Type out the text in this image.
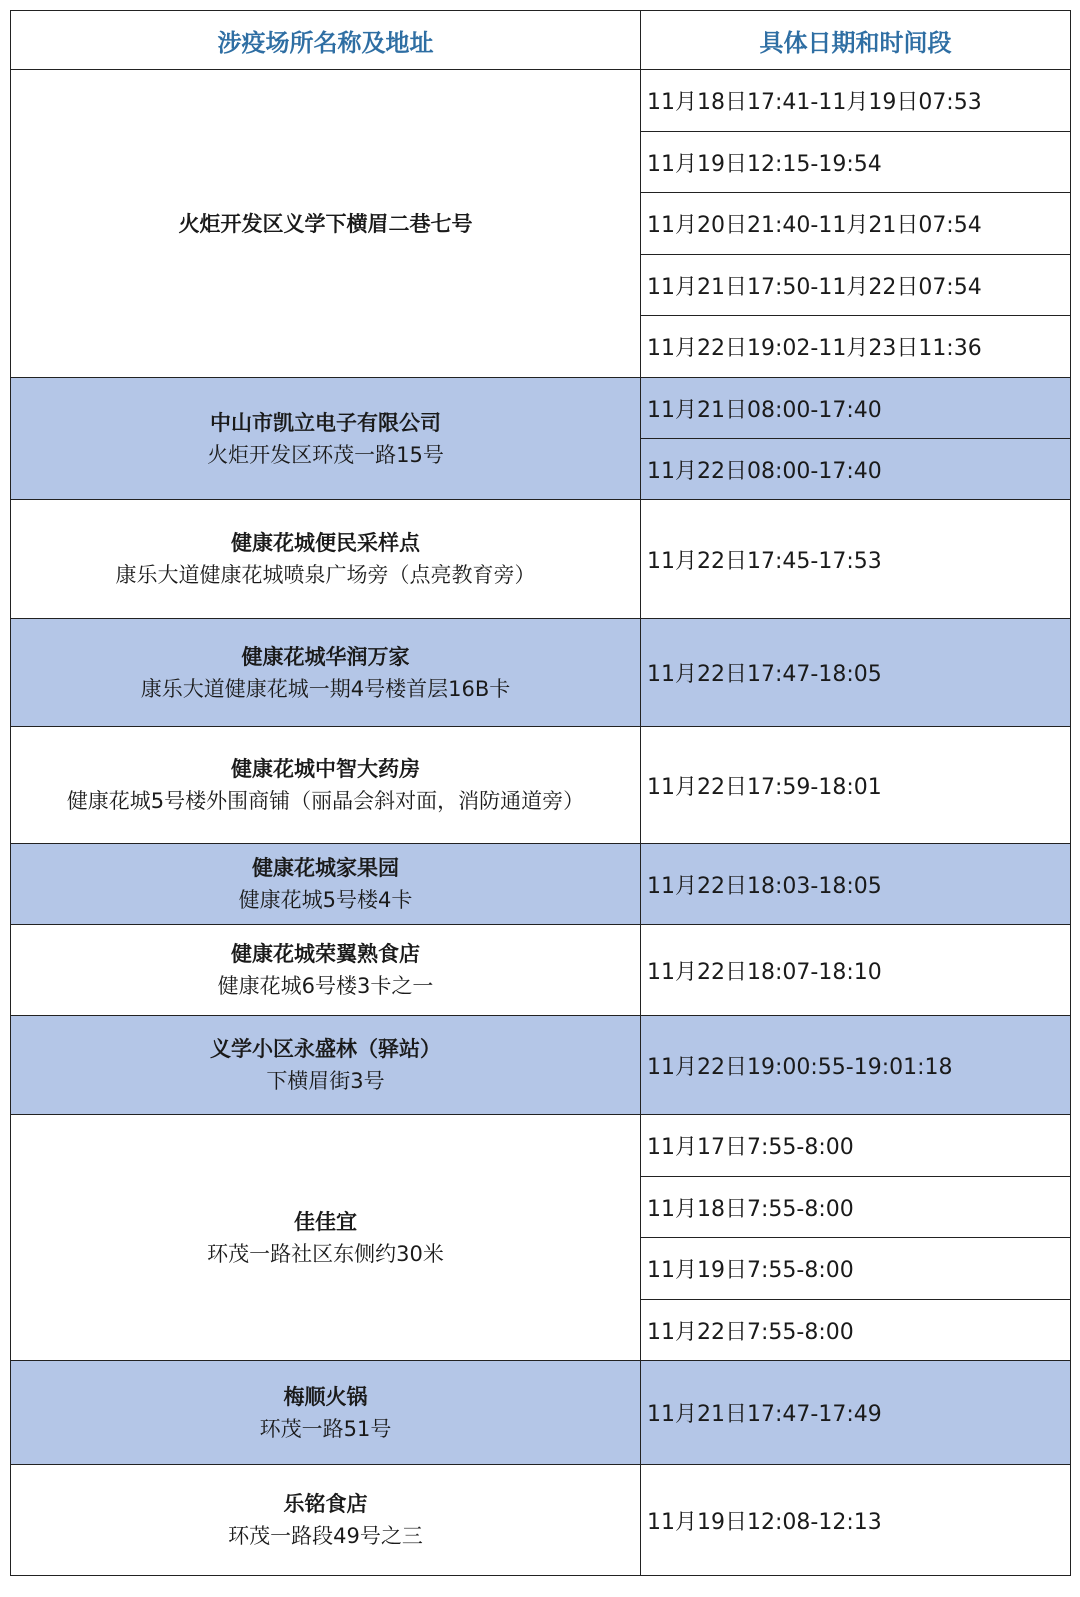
涉疫场所名称及地址	具体日期和时间段

火炬开发区义学下横眉二巷七号	11月18日17:41-11月19日07:53
	11月19日12:15-19:54
	11月20日21:40-11月21日07:54
	11月21日17:50-11月22日07:54
	11月22日19:02-11月23日11:36

中山市凯立电子有限公司
火炬开发区环茂一路15号	11月21日08:00-17:40
	11月22日08:00-17:40

健康花城便民采样点
康乐大道健康花城喷泉广场旁（点亮教育旁）	11月22日17:45-17:53

健康花城华润万家
康乐大道健康花城一期4号楼首层16B卡	11月22日17:47-18:05

健康花城中智大药房
健康花城5号楼外围商铺（丽晶会斜对面，消防通道旁）	11月22日17:59-18:01

健康花城家果园
健康花城5号楼4卡	11月22日18:03-18:05

健康花城荣翼熟食店
健康花城6号楼3卡之一	11月22日18:07-18:10

义学小区永盛林（驿站）
下横眉街3号	11月22日19:00:55-19:01:18

佳佳宜
环茂一路社区东侧约30米	11月17日7:55-8:00
	11月18日7:55-8:00
	11月19日7:55-8:00
	11月22日7:55-8:00

梅顺火锅
环茂一路51号	11月21日17:47-17:49

乐铭食店
环茂一路段49号之三	11月19日12:08-12:13
